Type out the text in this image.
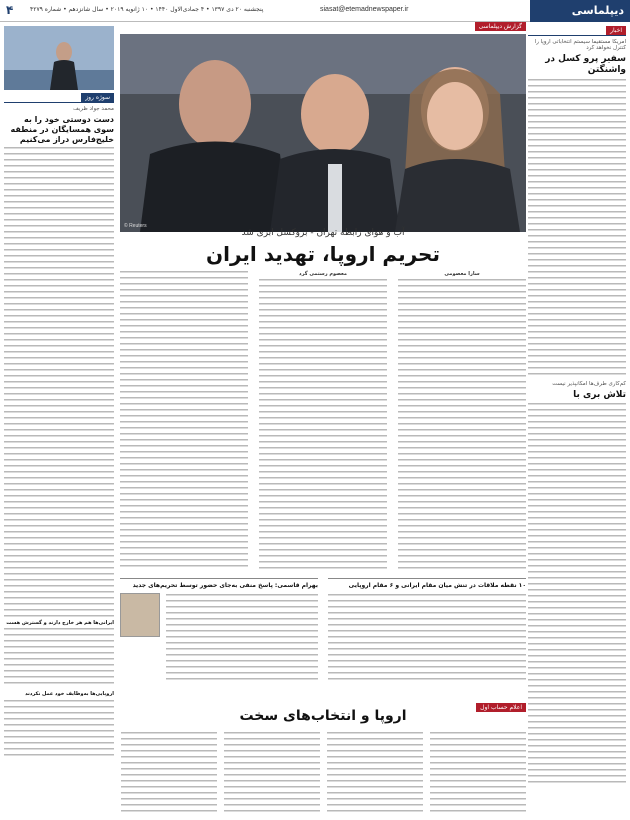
دیپلماسی
siasat@etemadnewspaper.ir
پنجشنبه ۲۰ دی ۱۳۹۷ • ۴ جمادی‌الاول ۱۴۴۰ • ۱۰ ژانویه ۲۰۱۹ • سال شانزدهم • شماره ۴۲۷۹
۴
اخبار
امریکا مستقیما سیستم انتخاباتی اروپا را کنترل نخواهد کرد
سفیر پرو‌ کسل در واشنگتن
کم‌کاری طرف‌ها امکانپذیر نیست
تلاش بری با
گزارش دیپلماسی
© Reuters
آب و هوای رابطه تهران - بروکسل ابری شد
تحریم اروپا، تهدید ایران
سارا معصومی
معصوم رستمی گرد
۱۰ نقطه ملاقات در تنش میان مقام ایرانی و ۶ مقام اروپایی
بهرام قاسمی: پاسخ منفی به‌جای حضور توسط تحریم‌های جدید
اعلام حساب اول
اروپا و انتخاب‌های سخت
سوژه روز
محمد جواد ظریف
دست دوستی خود را به سوی همسایگان در منطقه خلیج‌فارس دراز می‌کنیم
ایرانی‌ها هم هر خارج دارند و گسترش هست
اروپایی‌ها به‌وظایف خود عمل نکردند
